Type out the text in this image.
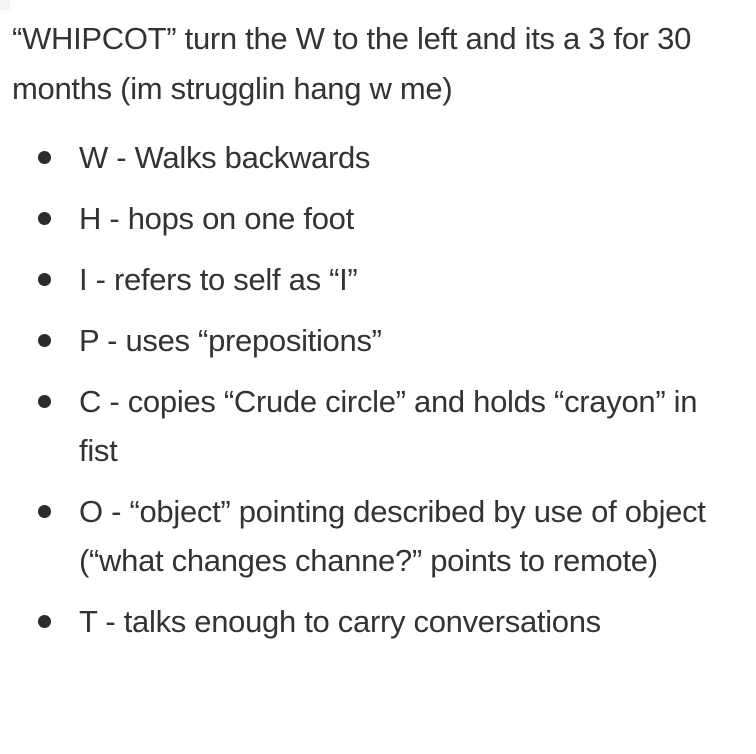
“WHIPCOT” turn the W to the left and its a 3 for 30 months (im strugglin hang w me)

W - Walks backwards
H - hops on one foot
I - refers to self as “I”
P - uses “prepositions”
C - copies “Crude circle” and holds “crayon” in fist
O - “object” pointing described by use of object (“what changes channe?” points to remote)
T - talks enough to carry conversations
